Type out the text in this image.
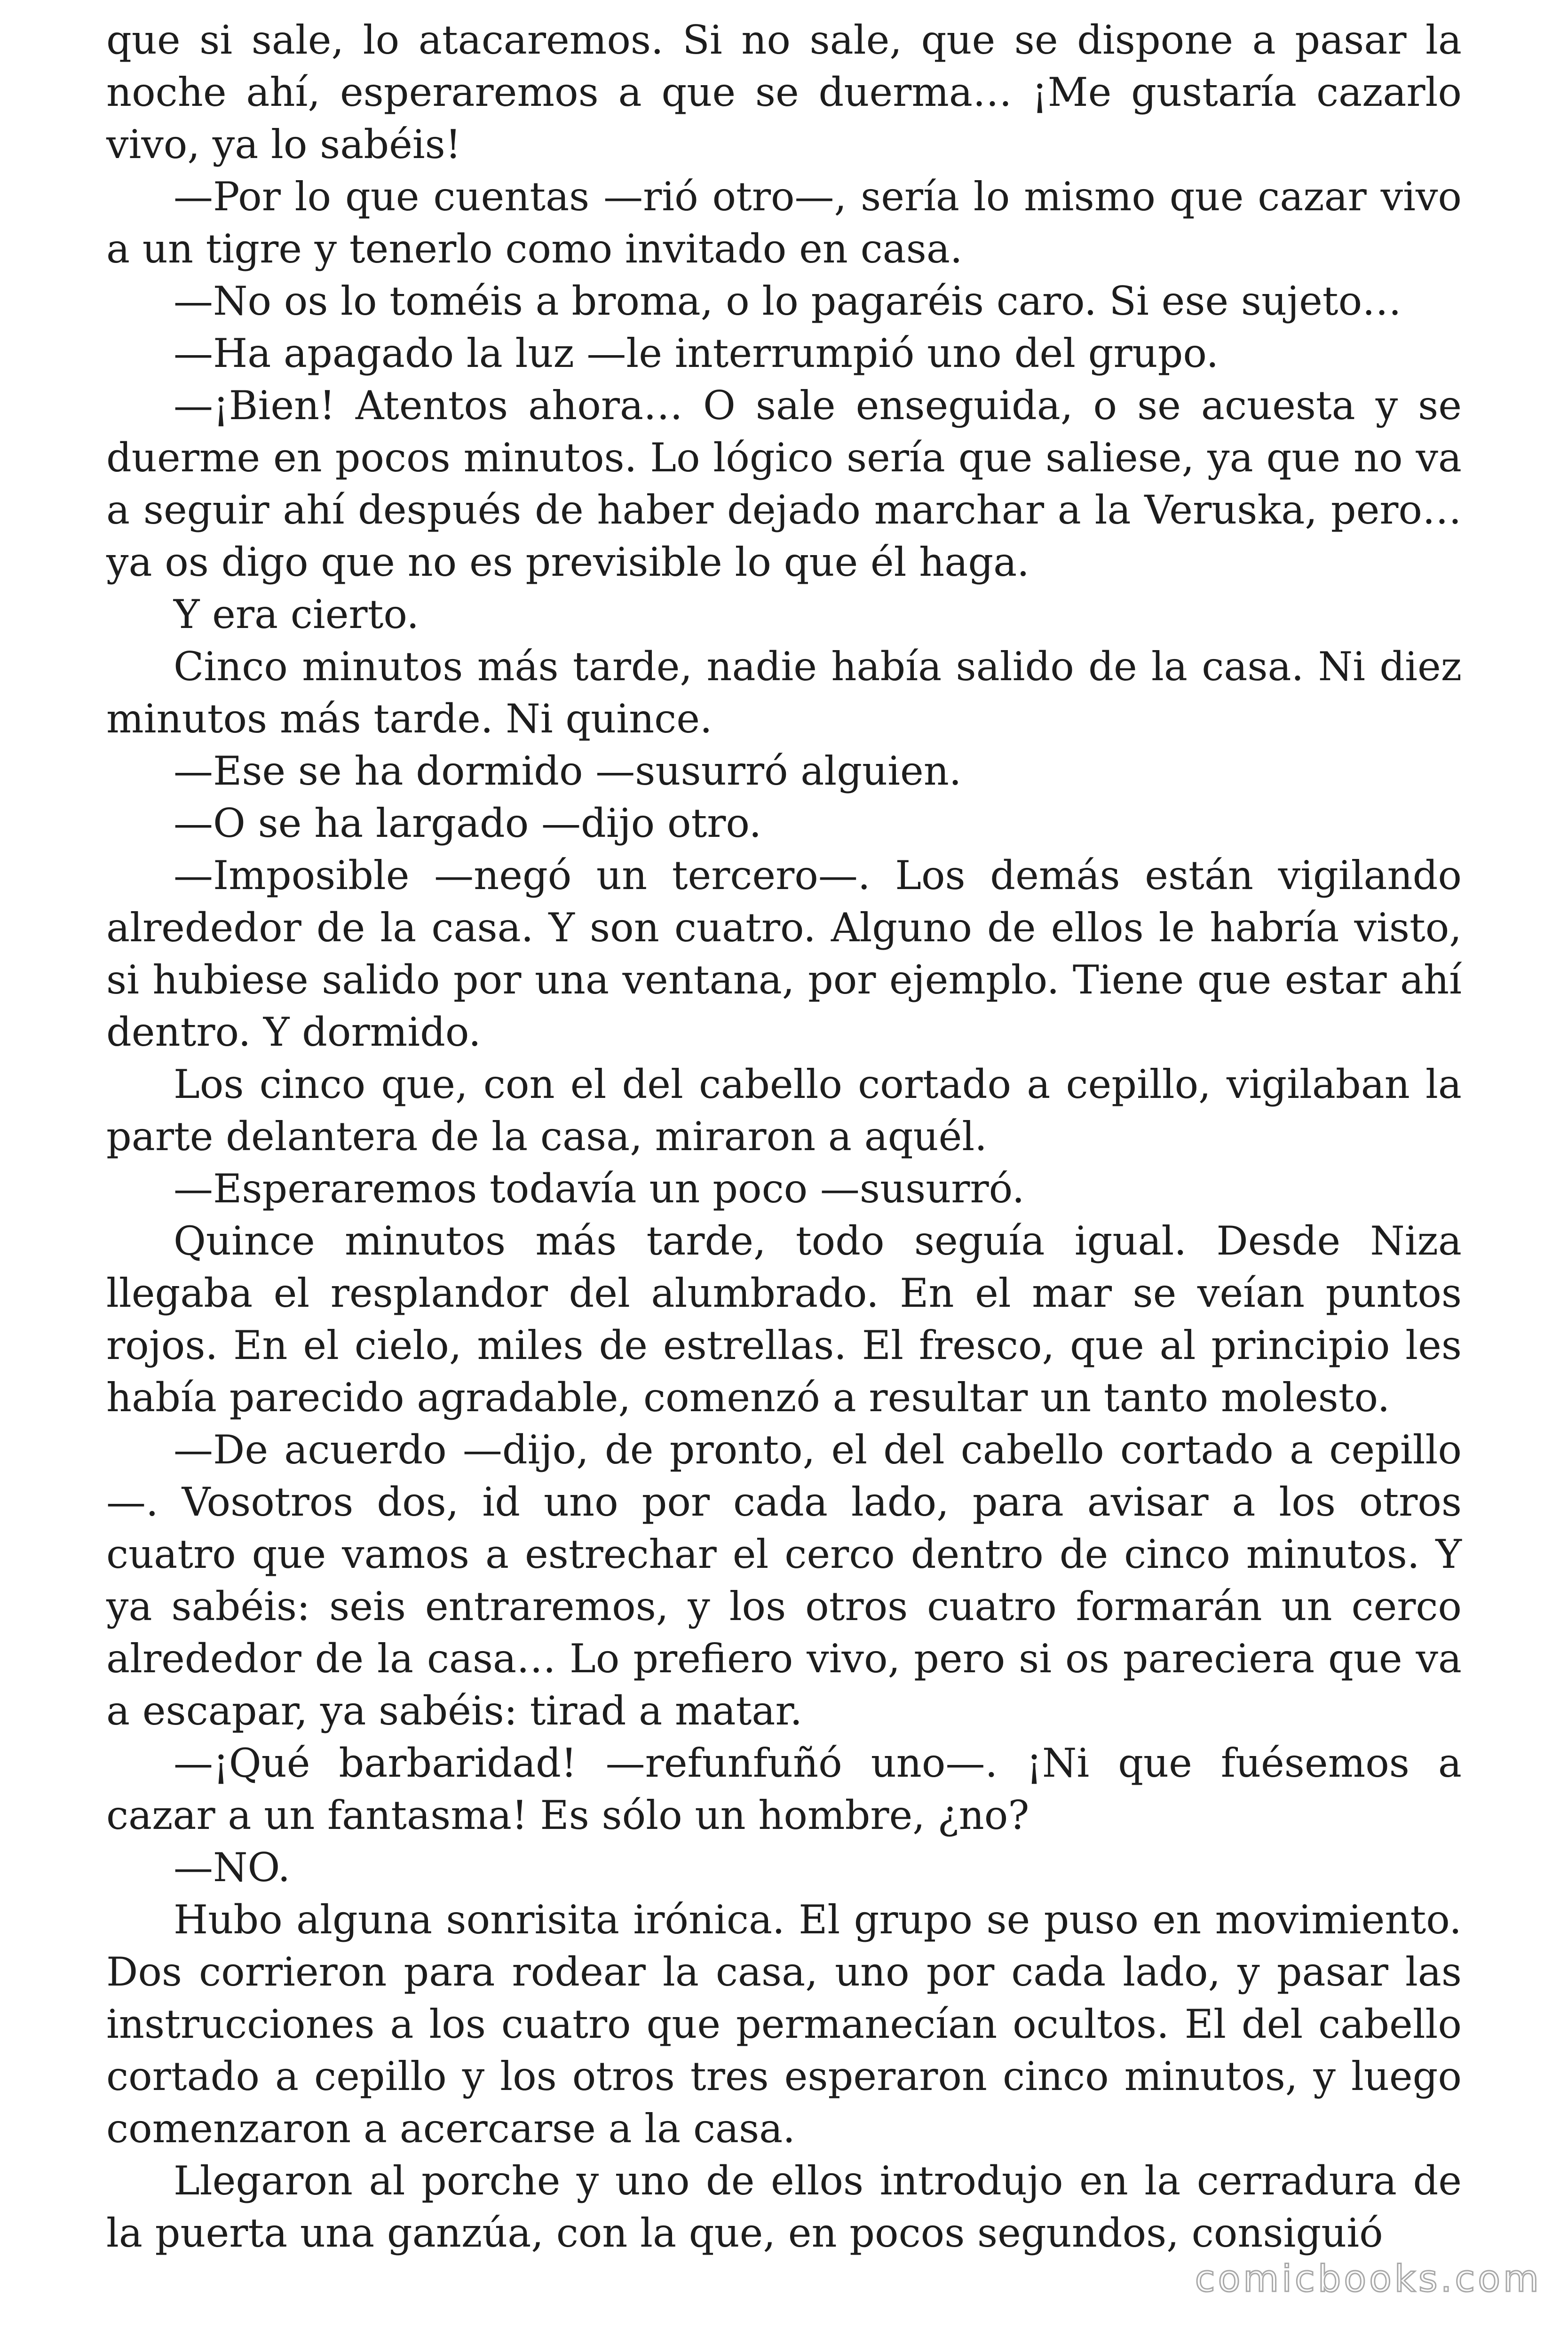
que si sale, lo atacaremos. Si no sale, que se dispone a pasar la noche ahí, esperaremos a que se duerma… ¡Me gustaría cazarlo vivo, ya lo sabéis!

—Por lo que cuentas —rió otro—, sería lo mismo que cazar vivo a un tigre y tenerlo como invitado en casa.

—No os lo toméis a broma, o lo pagaréis caro. Si ese sujeto…

—Ha apagado la luz —le interrumpió uno del grupo.

—¡Bien! Atentos ahora… O sale enseguida, o se acuesta y se duerme en pocos minutos. Lo lógico sería que saliese, ya que no va a seguir ahí después de haber dejado marchar a la Veruska, pero… ya os digo que no es previsible lo que él haga.

Y era cierto.

Cinco minutos más tarde, nadie había salido de la casa. Ni diez minutos más tarde. Ni quince.

—Ese se ha dormido —susurró alguien.

—O se ha largado —dijo otro.

—Imposible —negó un tercero—. Los demás están vigilando alrededor de la casa. Y son cuatro. Alguno de ellos le habría visto, si hubiese salido por una ventana, por ejemplo. Tiene que estar ahí dentro. Y dormido.

Los cinco que, con el del cabello cortado a cepillo, vigilaban la parte delantera de la casa, miraron a aquél.

—Esperaremos todavía un poco —susurró.

Quince minutos más tarde, todo seguía igual. Desde Niza llegaba el resplandor del alumbrado. En el mar se veían puntos rojos. En el cielo, miles de estrellas. El fresco, que al principio les había parecido agradable, comenzó a resultar un tanto molesto.

—De acuerdo —dijo, de pronto, el del cabello cortado a cepillo—. Vosotros dos, id uno por cada lado, para avisar a los otros cuatro que vamos a estrechar el cerco dentro de cinco minutos. Y ya sabéis: seis entraremos, y los otros cuatro formarán un cerco alrededor de la casa… Lo prefiero vivo, pero si os pareciera que va a escapar, ya sabéis: tirad a matar.

—¡Qué barbaridad! —refunfuñó uno—. ¡Ni que fuésemos a cazar a un fantasma! Es sólo un hombre, ¿no?

—NO.

Hubo alguna sonrisita irónica. El grupo se puso en movimiento. Dos corrieron para rodear la casa, uno por cada lado, y pasar las instrucciones a los cuatro que permanecían ocultos. El del cabello cortado a cepillo y los otros tres esperaron cinco minutos, y luego comenzaron a acercarse a la casa.

Llegaron al porche y uno de ellos introdujo en la cerradura de la puerta una ganzúa, con la que, en pocos segundos, consiguió

comicbooks.com
